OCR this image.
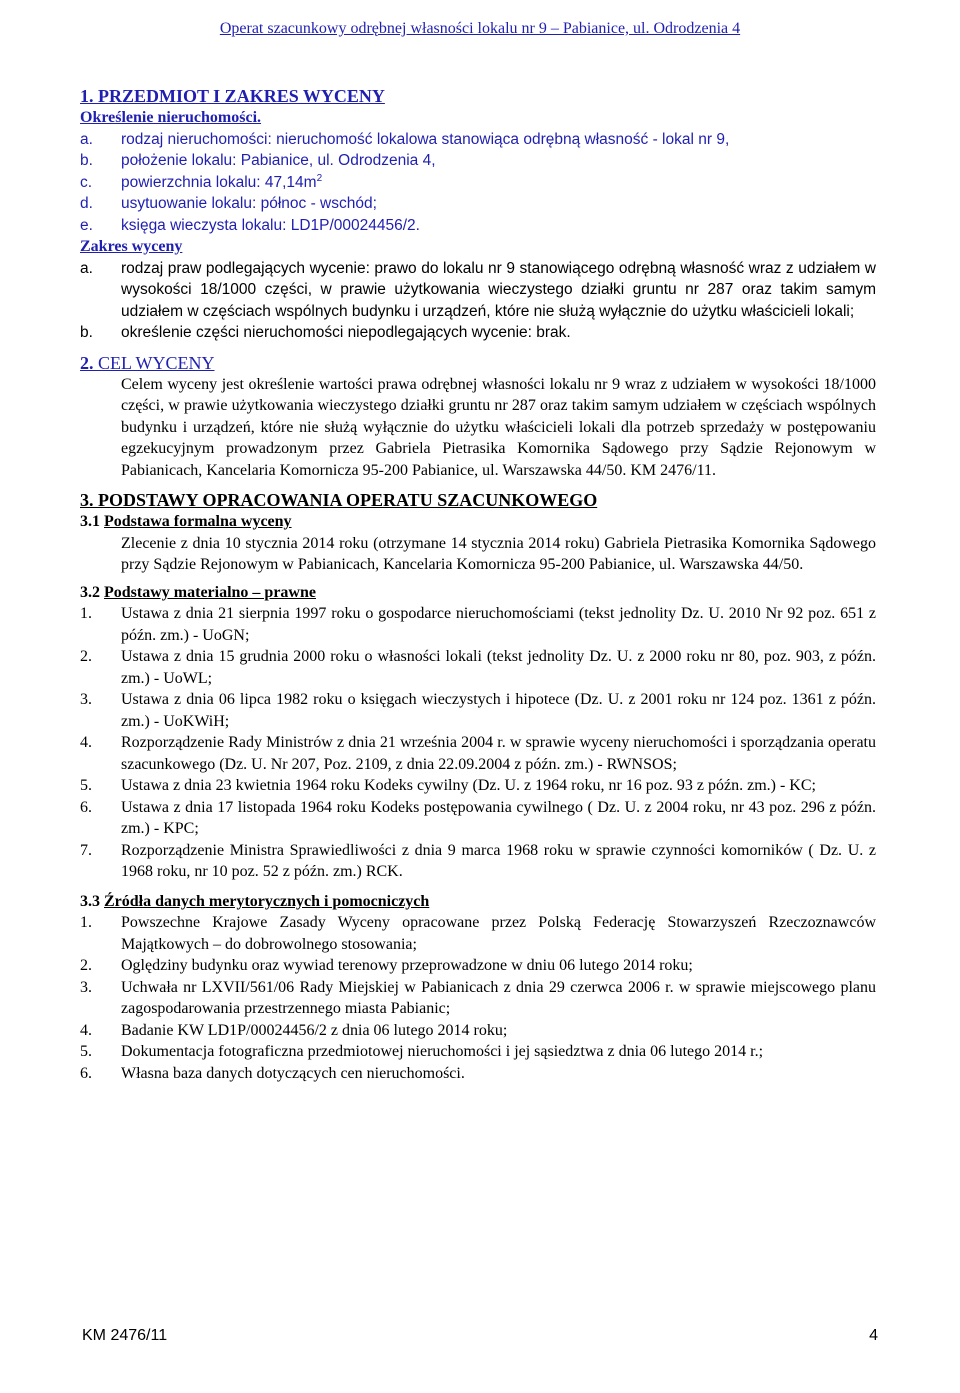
Operat szacunkowy odrębnej własności lokalu nr 9 – Pabianice, ul. Odrodzenia 4
1. PRZEDMIOT I ZAKRES WYCENY
Określenie nieruchomości.
a.	rodzaj nieruchomości: nieruchomość lokalowa stanowiąca odrębną własność - lokal nr 9,
b.	położenie lokalu: Pabianice, ul. Odrodzenia 4,
c.	powierzchnia lokalu: $47,14m^2$
d.	usytuowanie lokalu: północ - wschód;
e.	księga wieczysta lokalu: LD1P/00024456/2.
Zakres wyceny
a.	rodzaj praw podlegających wycenie: prawo do lokalu nr 9 stanowiącego odrębną własność wraz z udziałem w wysokości 18/1000 części, w prawie użytkowania wieczystego działki gruntu nr 287 oraz takim samym udziałem w częściach wspólnych budynku i urządzeń, które nie służą wyłącznie do użytku właścicieli lokali;
b.	określenie części nieruchomości niepodlegających wycenie: brak.
2. CEL WYCENY
Celem wyceny jest określenie wartości prawa odrębnej własności lokalu nr 9 wraz z udziałem w wysokości 18/1000 części, w prawie użytkowania wieczystego działki gruntu nr 287 oraz takim samym udziałem w częściach wspólnych budynku i urządzeń, które nie służą wyłącznie do użytku właścicieli lokali dla potrzeb sprzedaży w postępowaniu egzekucyjnym prowadzonym przez Gabriela Pietrasika Komornika Sądowego przy Sądzie Rejonowym w Pabianicach, Kancelaria Komornicza 95-200 Pabianice, ul. Warszawska 44/50. KM 2476/11.
3. PODSTAWY OPRACOWANIA OPERATU SZACUNKOWEGO
3.1 Podstawa formalna wyceny
Zlecenie z dnia 10 stycznia 2014 roku (otrzymane 14 stycznia 2014 roku) Gabriela Pietrasika Komornika Sądowego przy Sądzie Rejonowym w Pabianicach, Kancelaria Komornicza 95-200 Pabianice, ul. Warszawska 44/50.
3.2 Podstawy materialno – prawne
1.	Ustawa z dnia 21 sierpnia 1997 roku o gospodarce nieruchomościami (tekst jednolity Dz. U. 2010 Nr 92 poz. 651 z późn. zm.) - UoGN;
2.	Ustawa z dnia 15 grudnia 2000 roku o własności lokali (tekst jednolity Dz. U. z 2000 roku nr 80, poz. 903, z późn. zm.) - UoWL;
3.	Ustawa z dnia 06 lipca 1982 roku o księgach wieczystych i hipotece (Dz. U. z 2001 roku nr 124 poz. 1361 z późn. zm.) - UoKWiH;
4.	Rozporządzenie Rady Ministrów z dnia 21 września 2004 r. w sprawie wyceny nieruchomości i sporządzania operatu szacunkowego (Dz. U. Nr 207, Poz. 2109, z dnia 22.09.2004 z późn. zm.) - RWNSOS;
5.	Ustawa z dnia 23 kwietnia 1964 roku Kodeks cywilny (Dz. U. z 1964 roku, nr 16 poz. 93 z późn. zm.) - KC;
6.	Ustawa z dnia 17 listopada 1964 roku Kodeks postępowania cywilnego ( Dz. U. z 2004 roku, nr 43 poz. 296 z późn. zm.) - KPC;
7.	Rozporządzenie Ministra Sprawiedliwości z dnia 9 marca 1968 roku w sprawie czynności komorników ( Dz. U. z 1968 roku, nr 10 poz. 52 z późn. zm.) RCK.
3.3 Źródła danych merytorycznych i pomocniczych
1.	Powszechne Krajowe Zasady Wyceny opracowane przez Polską Federację Stowarzyszeń Rzeczoznawców Majątkowych – do dobrowolnego stosowania;
2.	Oględziny budynku oraz wywiad terenowy przeprowadzone w dniu 06 lutego 2014 roku;
3.	Uchwała nr LXVII/561/06 Rady Miejskiej w Pabianicach z dnia 29 czerwca 2006 r. w sprawie miejscowego planu zagospodarowania przestrzennego miasta Pabianic;
4.	Badanie KW LD1P/00024456/2 z dnia 06 lutego 2014 roku;
5.	Dokumentacja fotograficzna przedmiotowej nieruchomości i jej sąsiedztwa z dnia 06 lutego 2014 r.;
6.	Własna baza danych dotyczących cen nieruchomości.
KM 2476/11	4
